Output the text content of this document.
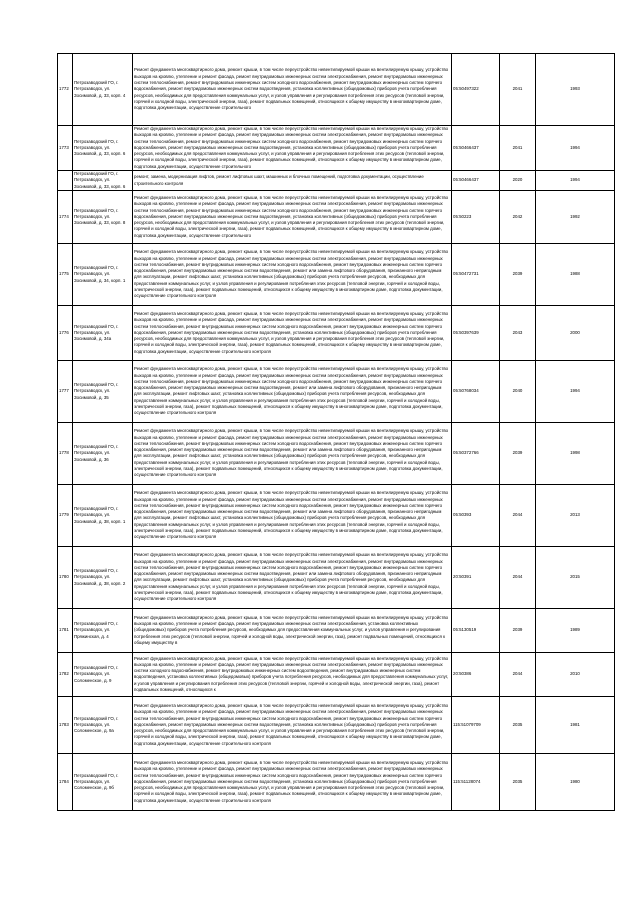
1772	Петрозаводский ГО, г. Петрозаводск, ул. Зосимовой, д. 33, корп. 4	Ремонт фундамента многоквартирного дома, ремонт крыши, в том числе переустройство невентилируемой крыши на вентилируемую крышу, устройство выходов на кровлю, утепление и ремонт фасада, ремонт внутридомовых инженерных систем электроснабжения, ремонт внутридомовых инженерных систем теплоснабжения, ремонт внутридомовых инженерных систем холодного водоснабжения, ремонт внутридомовых инженерных систем горячего водоснабжения, ремонт внутридомовых инженерных систем водоотведения, установка коллективных (общедомовых) приборов учета потребления ресурсов, необходимых для предоставления коммунальных услуг, и узлов управления и регулирования потребления этих ресурсов (тепловой энергии, горячей и холодной воды, электрической энергии, газа), ремонт подвальных помещений, относящихся к общему имуществу в многоквартирном доме, подготовка документации, осуществление строительного	05:50497322	2041	1993
1773	Петрозаводский ГО, г. Петрозаводск, ул. Зосимовой, д. 33, корп. 6	Ремонт фундамента многоквартирного дома, ремонт крыши, в том числе переустройство невентилируемой крыши на вентилируемую крышу, устройство выходов на кровлю, утепление и ремонт фасада, ремонт внутридомовых инженерных систем электроснабжения, ремонт внутридомовых инженерных систем теплоснабжения, ремонт внутридомовых инженерных систем холодного водоснабжения, ремонт внутридомовых инженерных систем горячего водоснабжения, ремонт внутридомовых инженерных систем водоотведения, установка коллективных (общедомовых) приборов учета потребления ресурсов, необходимых для предоставления коммунальных услуг, и узлов управления и регулирования потребления этих ресурсов (тепловой энергии, горячей и холодной воды, электрической энергии, газа), ремонт подвальных помещений, относящихся к общему имуществу в многоквартирном доме, подготовка документации, осуществление строительного	05:50466437	2041	1994
	Петрозаводский ГО, г. Петрозаводск, ул. Зосимовой, д. 33, корп. 6	ремонт, замена, модернизация лифтов, ремонт лифтовых шахт, машинных и блочных помещений, подготовка документации, осуществление строительного контроля	05:50466437	2020	1994
1774	Петрозаводский ГО, г. Петрозаводск, ул. Зосимовой, д. 33, корп. 8	Ремонт фундамента многоквартирного дома, ремонт крыши, в том числе переустройство невентилируемой крыши на вентилируемую крышу, устройство выходов на кровлю, утепление и ремонт фасада, ремонт внутридомовых инженерных систем электроснабжения, ремонт внутридомовых инженерных систем теплоснабжения, ремонт внутридомовых инженерных систем холодного водоснабжения, ремонт внутридомовых инженерных систем горячего водоснабжения, ремонт внутридомовых инженерных систем водоотведения, установка коллективных (общедомовых) приборов учета потребления ресурсов, необходимых для предоставления коммунальных услуг, и узлов управления и регулирования потребления этих ресурсов (тепловой энергии, горячей и холодной воды, электрической энергии, газа), ремонт подвальных помещений, относящихся к общему имуществу в многоквартирном доме, подготовка документации, осуществление строительного	05:50223	2042	1992
1775	Петрозаводский ГО, г. Петрозаводск, ул. Зосимовой, д. 34, корп. 1	Ремонт фундамента многоквартирного дома, ремонт крыши, в том числе переустройство невентилируемой крыши на вентилируемую крышу, устройство выходов на кровлю, утепление и ремонт фасада, ремонт внутридомовых инженерных систем электроснабжения, ремонт внутридомовых инженерных систем теплоснабжения, ремонт внутридомовых инженерных систем холодного водоснабжения, ремонт внутридомовых инженерных систем горячего водоснабжения, ремонт внутридомовых инженерных систем водоотведения, ремонт или замена лифтового оборудования, признанного непригодным для эксплуатации, ремонт лифтовых шахт, установка коллективных (общедомовых) приборов учета потребления ресурсов, необходимых для предоставления коммунальных услуг, и узлов управления и регулирования потребления этих ресурсов (тепловой энергии, горячей и холодной воды, электрической энергии, газа), ремонт подвальных помещений, относящихся к общему имуществу в многоквартирном доме, подготовка документации, осуществление строительного контроля	05:50472731	2039	1988
1776	Петрозаводский ГО, г. Петрозаводск, ул. Зосимовой, д. 34а	Ремонт фундамента многоквартирного дома, ремонт крыши, в том числе переустройство невентилируемой крыши на вентилируемую крышу, устройство выходов на кровлю, утепление и ремонт фасада, ремонт внутридомовых инженерных систем электроснабжения, ремонт внутридомовых инженерных систем теплоснабжения, ремонт внутридомовых инженерных систем холодного водоснабжения, ремонт внутридомовых инженерных систем горячего водоснабжения, ремонт внутридомовых инженерных систем водоотведения, установка коллективных (общедомовых) приборов учета потребления ресурсов, необходимых для предоставления коммунальных услуг, и узлов управления и регулирования потребления этих ресурсов (тепловой энергии, горячей и холодной воды, электрической энергии, газа), ремонт подвальных помещений, относящихся к общему имуществу в многоквартирном доме, подготовка документации, осуществление строительного контроля	05:50397639	2043	2000
1777	Петрозаводский ГО, г. Петрозаводск, ул. Зосимовой, д. 35	Ремонт фундамента многоквартирного дома, ремонт крыши, в том числе переустройство невентилируемой крыши на вентилируемую крышу, устройство выходов на кровлю, утепление и ремонт фасада, ремонт внутридомовых инженерных систем электроснабжения, ремонт внутридомовых инженерных систем теплоснабжения, ремонт внутридомовых инженерных систем холодного водоснабжения, ремонт внутридомовых инженерных систем горячего водоснабжения, ремонт внутридомовых инженерных систем водоотведения, ремонт или замена лифтового оборудования, признанного непригодным для эксплуатации, ремонт лифтовых шахт, установка коллективных (общедомовых) приборов учета потребления ресурсов, необходимых для предоставления коммунальных услуг, и узлов управления и регулирования потребления этих ресурсов (тепловой энергии, горячей и холодной воды, электрической энергии, газа), ремонт подвальных помещений, относящихся к общему имуществу в многоквартирном доме, подготовка документации, осуществление строительного контроля	05:50768034	2040	1994
1778	Петрозаводский ГО, г. Петрозаводск, ул. Зосимовой, д. 36	Ремонт фундамента многоквартирного дома, ремонт крыши, в том числе переустройство невентилируемой крыши на вентилируемую крышу, устройство выходов на кровлю, утепление и ремонт фасада, ремонт внутридомовых инженерных систем электроснабжения, ремонт внутридомовых инженерных систем теплоснабжения, ремонт внутридомовых инженерных систем холодного водоснабжения, ремонт внутридомовых инженерных систем горячего водоснабжения, ремонт внутридомовых инженерных систем водоотведения, ремонт или замена лифтового оборудования, признанного непригодным для эксплуатации, ремонт лифтовых шахт, установка коллективных (общедомовых) приборов учета потребления ресурсов, необходимых для предоставления коммунальных услуг, и узлов управления и регулирования потребления этих ресурсов (тепловой энергии, горячей и холодной воды, электрической энергии, газа), ремонт подвальных помещений, относящихся к общему имуществу в многоквартирном доме, подготовка документации, осуществление строительного контроля	05:50372766	2039	1998
1779	Петрозаводский ГО, г. Петрозаводск, ул. Зосимовой, д. 38, корп. 1	Ремонт фундамента многоквартирного дома, ремонт крыши, в том числе переустройство невентилируемой крыши на вентилируемую крышу, устройство выходов на кровлю, утепление и ремонт фасада, ремонт внутридомовых инженерных систем электроснабжения, ремонт внутридомовых инженерных систем теплоснабжения, ремонт внутридомовых инженерных систем холодного водоснабжения, ремонт внутридомовых инженерных систем горячего водоснабжения, ремонт внутридомовых инженерных систем водоотведения, ремонт или замена лифтового оборудования, признанного непригодным для эксплуатации, ремонт лифтовых шахт, установка коллективных (общедомовых) приборов учета потребления ресурсов, необходимых для предоставления коммунальных услуг, и узлов управления и регулирования потребления этих ресурсов (тепловой энергии, горячей и холодной воды, электрической энергии, газа), ремонт подвальных помещений, относящихся к общему имуществу в многоквартирном доме, подготовка документации, осуществление строительного контроля	05:50393	2044	2013
1780	Петрозаводский ГО, г. Петрозаводск, ул. Зосимовой, д. 38, корп. 2	Ремонт фундамента многоквартирного дома, ремонт крыши, в том числе переустройство невентилируемой крыши на вентилируемую крышу, устройство выходов на кровлю, утепление и ремонт фасада, ремонт внутридомовых инженерных систем электроснабжения, ремонт внутридомовых инженерных систем теплоснабжения, ремонт внутридомовых инженерных систем холодного водоснабжения, ремонт внутридомовых инженерных систем горячего водоснабжения, ремонт внутридомовых инженерных систем водоотведения, ремонт или замена лифтового оборудования, признанного непригодным для эксплуатации, ремонт лифтовых шахт, установка коллективных (общедомовых) приборов учета потребления ресурсов, необходимых для предоставления коммунальных услуг, и узлов управления и регулирования потребления этих ресурсов (тепловой энергии, горячей и холодной воды, электрической энергии, газа), ремонт подвальных помещений, относящихся к общему имуществу в многоквартирном доме, подготовка документации, осуществление строительного контроля	20:50391	2044	2015
1781	Петрозаводский ГО, г. Петрозаводск, ул. Пряжинская, д. 4	Ремонт фундамента многоквартирного дома, ремонт крыши, в том числе переустройство невентилируемой крыши на вентилируемую крышу, устройство выходов на кровлю, утепление и ремонт фасада, ремонт внутридомовых инженерных систем электроснабжения, установка коллективных (общедомовых) приборов учета потребления ресурсов, необходимых для предоставления коммунальных услуг, и узлов управления и регулирования потребления этих ресурсов (тепловой энергии, горячей и холодной воды, электрической энергии, газа), ремонт подвальных помещений, относящихся к общему имуществу в	05:5130519	2039	1989
1782	Петрозаводский ГО, г. Петрозаводск, ул. Соломенское, д. 9	Ремонт фундамента многоквартирного дома, ремонт крыши, в том числе переустройство невентилируемой крыши на вентилируемую крышу, устройство выходов на кровлю, утепление и ремонт фасада, ремонт внутридомовых инженерных систем электроснабжения, ремонт внутридомовых инженерных систем холодного водоснабжения, ремонт внутридомовых инженерных систем водоотведения, ремонт внутридомовых инженерных систем водоотведения, установка коллективных (общедомовых) приборов учета потребления ресурсов, необходимых для предоставления коммунальных услуг, и узлов управления и регулирования потребления этих ресурсов (тепловой энергии, горячей и холодной воды, электрической энергии, газа), ремонт подвальных помещений, относящихся к	20:50386	2044	2010
1783	Петрозаводский ГО, г. Петрозаводск, ул. Соломенское, д. 9а	Ремонт фундамента многоквартирного дома, ремонт крыши, в том числе переустройство невентилируемой крыши на вентилируемую крышу, устройство выходов на кровлю, утепление и ремонт фасада, ремонт внутридомовых инженерных систем электроснабжения, ремонт внутридомовых инженерных систем теплоснабжения, ремонт внутридомовых инженерных систем холодного водоснабжения, ремонт внутридомовых инженерных систем горячего водоснабжения, ремонт внутридомовых инженерных систем водоотведения, установка коллективных (общедомовых) приборов учета потребления ресурсов, необходимых для предоставления коммунальных услуг, и узлов управления и регулирования потребления этих ресурсов (тепловой энергии, горячей и холодной воды, электрической энергии, газа), ремонт подвальных помещений, относящихся к общему имуществу в многоквартирном доме, подготовка документации, осуществление строительного контроля	115:51079709	2035	1981
1784	Петрозаводский ГО, г. Петрозаводск, ул. Соломенское, д. 9б	Ремонт фундамента многоквартирного дома, ремонт крыши, в том числе переустройство невентилируемой крыши на вентилируемую крышу, устройство выходов на кровлю, утепление и ремонт фасада, ремонт внутридомовых инженерных систем электроснабжения, ремонт внутридомовых инженерных систем теплоснабжения, ремонт внутридомовых инженерных систем холодного водоснабжения, ремонт внутридомовых инженерных систем горячего водоснабжения, ремонт внутридомовых инженерных систем водоотведения, установка коллективных (общедомовых) приборов учета потребления ресурсов, необходимых для предоставления коммунальных услуг, и узлов управления и регулирования потребления этих ресурсов (тепловой энергии, горячей и холодной воды, электрической энергии, газа), ремонт подвальных помещений, относящихся к общему имуществу в многоквартирном доме, подготовка документации, осуществление строительного контроля	115:51128074	2035	1980
